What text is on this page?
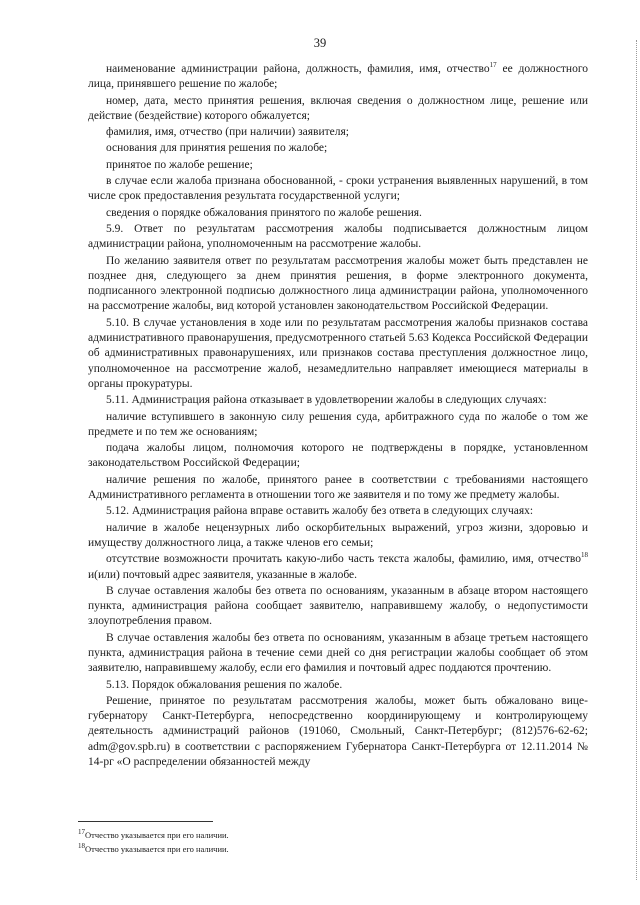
39

наименование администрации района, должность, фамилия, имя, отчество$^{17}$ ее должностного лица, принявшего решение по жалобе;

номер, дата, место принятия решения, включая сведения о должностном лице, решение или действие (бездействие) которого обжалуется;

фамилия, имя, отчество (при наличии) заявителя;

основания для принятия решения по жалобе;

принятое по жалобе решение;

в случае если жалоба признана обоснованной, - сроки устранения выявленных нарушений, в том числе срок предоставления результата государственной услуги;

сведения о порядке обжалования принятого по жалобе решения.

5.9. Ответ по результатам рассмотрения жалобы подписывается должностным лицом администрации района, уполномоченным на рассмотрение жалобы.

По желанию заявителя ответ по результатам рассмотрения жалобы может быть представлен не позднее дня, следующего за днем принятия решения, в форме электронного документа, подписанного электронной подписью должностного лица администрации района, уполномоченного на рассмотрение жалобы, вид которой установлен законодательством Российской Федерации.

5.10. В случае установления в ходе или по результатам рассмотрения жалобы признаков состава административного правонарушения, предусмотренного статьей 5.63 Кодекса Российской Федерации об административных правонарушениях, или признаков состава преступления должностное лицо, уполномоченное на рассмотрение жалоб, незамедлительно направляет имеющиеся материалы в органы прокуратуры.

5.11. Администрация района отказывает в удовлетворении жалобы в следующих случаях:

наличие вступившего в законную силу решения суда, арбитражного суда по жалобе о том же предмете и по тем же основаниям;

подача жалобы лицом, полномочия которого не подтверждены в порядке, установленном законодательством Российской Федерации;

наличие решения по жалобе, принятого ранее в соответствии с требованиями настоящего Административного регламента в отношении того же заявителя и по тому же предмету жалобы.

5.12. Администрация района вправе оставить жалобу без ответа в следующих случаях:

наличие в жалобе нецензурных либо оскорбительных выражений, угроз жизни, здоровью и имуществу должностного лица, а также членов его семьи;

отсутствие возможности прочитать какую-либо часть текста жалобы, фамилию, имя, отчество$^{18}$ и(или) почтовый адрес заявителя, указанные в жалобе.

В случае оставления жалобы без ответа по основаниям, указанным в абзаце втором настоящего пункта, администрация района сообщает заявителю, направившему жалобу, о недопустимости злоупотребления правом.

В случае оставления жалобы без ответа по основаниям, указанным в абзаце третьем настоящего пункта, администрация района в течение семи дней со дня регистрации жалобы сообщает об этом заявителю, направившему жалобу, если его фамилия и почтовый адрес поддаются прочтению.

5.13. Порядок обжалования решения по жалобе.

Решение, принятое по результатам рассмотрения жалобы, может быть обжаловано вице-губернатору Санкт-Петербурга, непосредственно координирующему и контролирующему деятельность администраций районов (191060, Смольный, Санкт-Петербург; (812)576-62-62; adm@gov.spb.ru) в соответствии с распоряжением Губернатора Санкт-Петербурга от 12.11.2014 № 14-рг «О распределении обязанностей между

$^{17}$Отчество указывается при его наличии.
$^{18}$Отчество указывается при его наличии.
